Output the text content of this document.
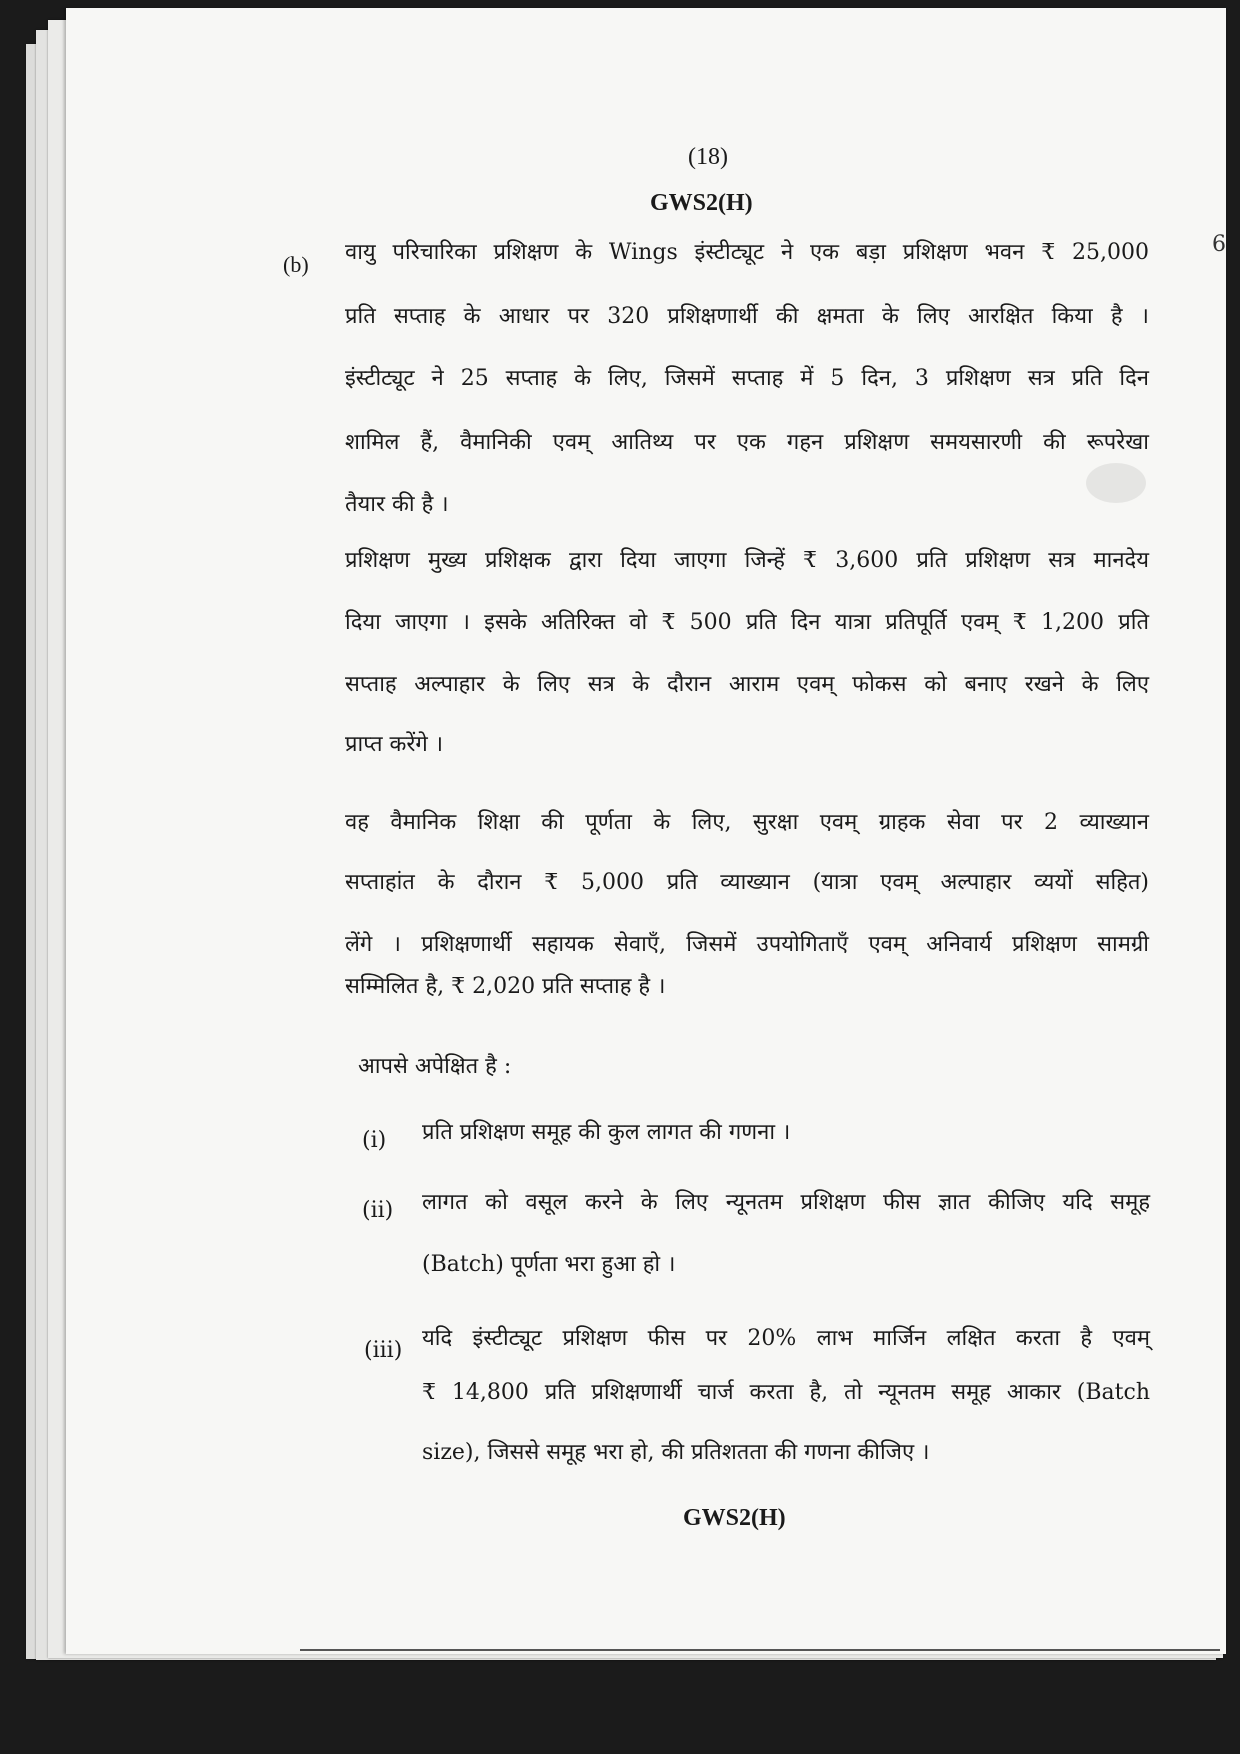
(18)
GWS2(H)
6
(b) वायु परिचारिका प्रशिक्षण के Wings इंस्टीट्यूट ने एक बड़ा प्रशिक्षण भवन ₹ 25,000
प्रति सप्ताह के आधार पर 320 प्रशिक्षणार्थी की क्षमता के लिए आरक्षित किया है ।
इंस्टीट्यूट ने 25 सप्ताह के लिए, जिसमें सप्ताह में 5 दिन, 3 प्रशिक्षण सत्र प्रति दिन
शामिल हैं, वैमानिकी एवम् आतिथ्य पर एक गहन प्रशिक्षण समयसारणी की रूपरेखा
तैयार की है ।
प्रशिक्षण मुख्य प्रशिक्षक द्वारा दिया जाएगा जिन्हें ₹ 3,600 प्रति प्रशिक्षण सत्र मानदेय
दिया जाएगा । इसके अतिरिक्त वो ₹ 500 प्रति दिन यात्रा प्रतिपूर्ति एवम् ₹ 1,200 प्रति
सप्ताह अल्पाहार के लिए सत्र के दौरान आराम एवम् फोकस को बनाए रखने के लिए
प्राप्त करेंगे ।
वह वैमानिक शिक्षा की पूर्णता के लिए, सुरक्षा एवम् ग्राहक सेवा पर 2 व्याख्यान
सप्ताहांत के दौरान ₹ 5,000 प्रति व्याख्यान (यात्रा एवम् अल्पाहार व्ययों सहित)
लेंगे । प्रशिक्षणार्थी सहायक सेवाएँ, जिसमें उपयोगिताएँ एवम् अनिवार्य प्रशिक्षण सामग्री
सम्मिलित है, ₹ 2,020 प्रति सप्ताह है ।
आपसे अपेक्षित है :
(i) प्रति प्रशिक्षण समूह की कुल लागत की गणना ।
(ii) लागत को वसूल करने के लिए न्यूनतम प्रशिक्षण फीस ज्ञात कीजिए यदि समूह
(Batch) पूर्णता भरा हुआ हो ।
(iii) यदि इंस्टीट्यूट प्रशिक्षण फीस पर 20% लाभ मार्जिन लक्षित करता है एवम्
₹ 14,800 प्रति प्रशिक्षणार्थी चार्ज करता है, तो न्यूनतम समूह आकार (Batch
size), जिससे समूह भरा हो, की प्रतिशतता की गणना कीजिए ।
GWS2(H)
